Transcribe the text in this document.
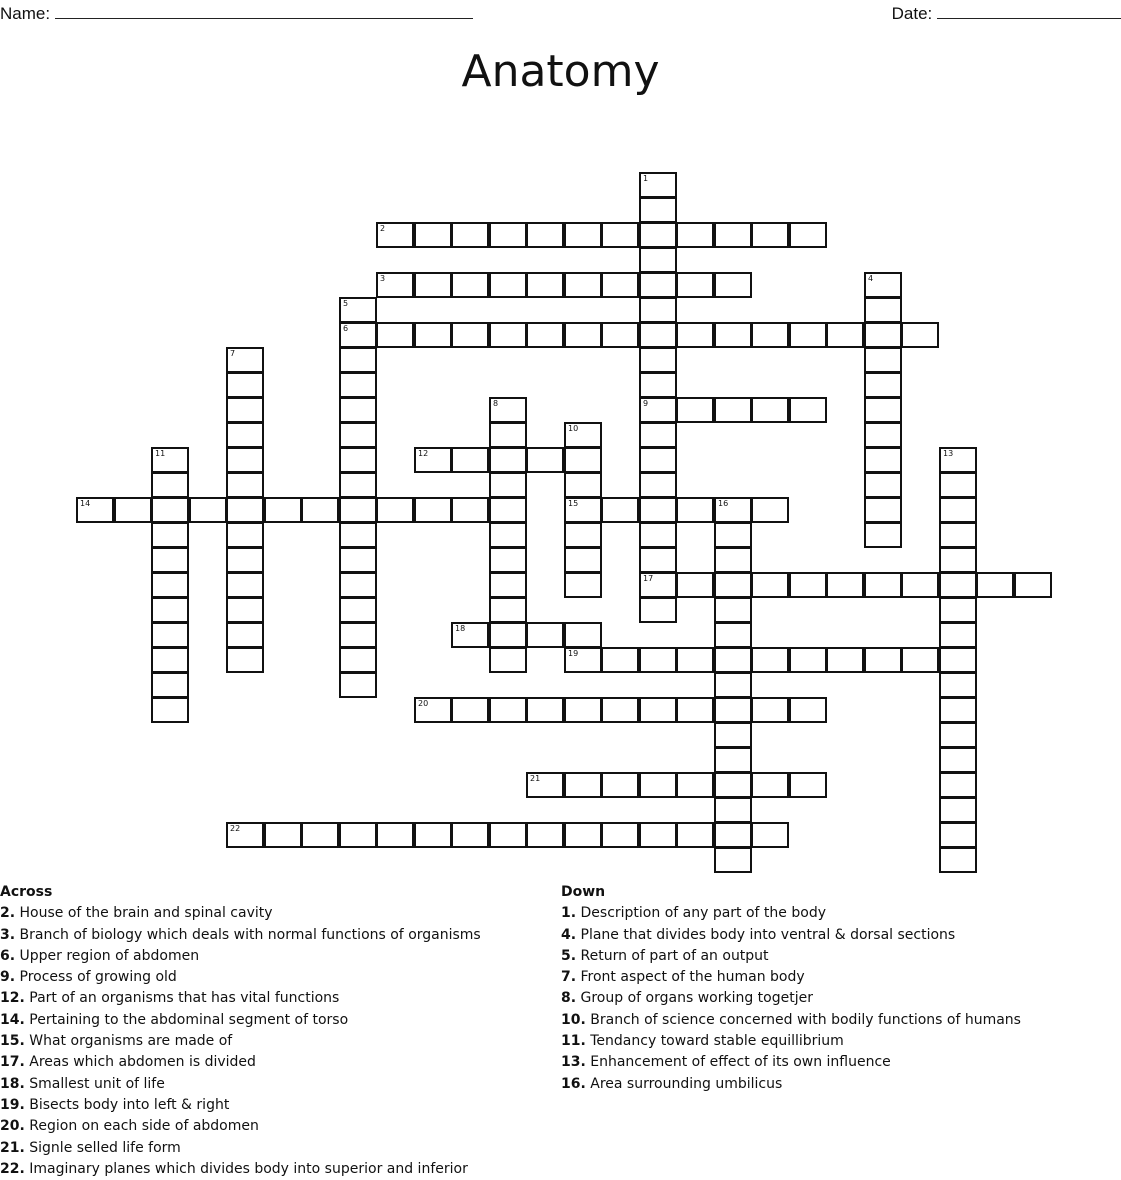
Name:	Date:
Anatomy
1
9
17
2
3	4
5
6
7
8
10
15
11	12	13
14	16
18
19
20
21
22
Across
2. House of the brain and spinal cavity
3. Branch of biology which deals with normal functions of organisms
6. Upper region of abdomen
9. Process of growing old
12. Part of an organisms that has vital functions
14. Pertaining to the abdominal segment of torso
15. What organisms are made of
17. Areas which abdomen is divided
18. Smallest unit of life
19. Bisects body into left & right
20. Region on each side of abdomen
21. Signle selled life form
22. Imaginary planes which divides body into superior and inferior
Down
1. Description of any part of the body
4. Plane that divides body into ventral & dorsal sections
5. Return of part of an output
7. Front aspect of the human body
8. Group of organs working togetjer
10. Branch of science concerned with bodily functions of humans
11. Tendancy toward stable equillibrium
13. Enhancement of effect of its own influence
16. Area surrounding umbilicus
